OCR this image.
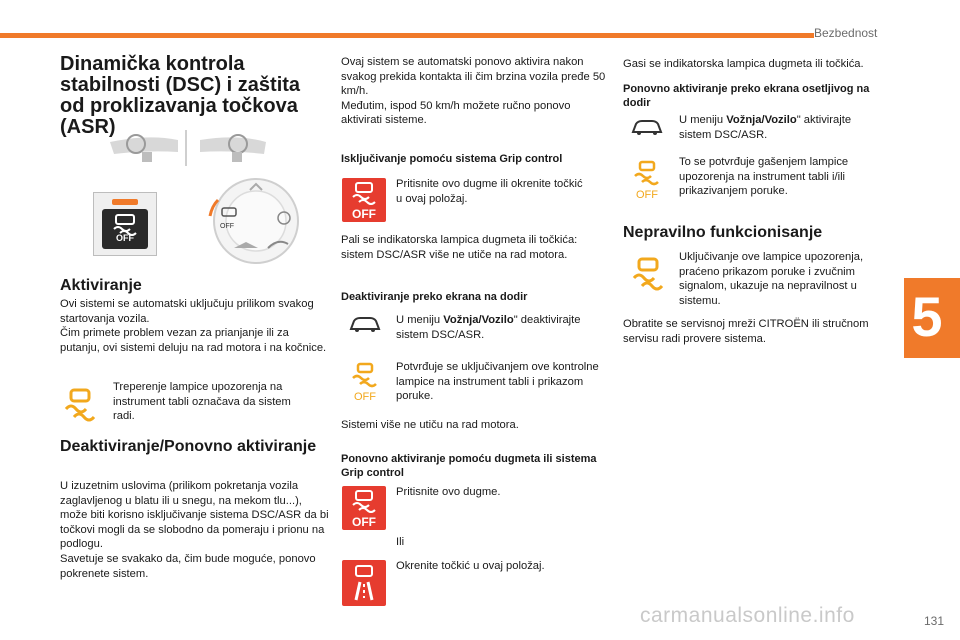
Bezbednost
5
Dinamička kontrola stabilnosti (DSC) i zaštita od proklizavanja točkova (ASR)
OFF
OFF
Aktiviranje
Ovi sistemi se automatski uključuju prilikom svakog startovanja vozila.
Čim primete problem vezan za prianjanje ili za putanju, ovi sistemi deluju na rad motora i na kočnice.
Treperenje lampice upozorenja na instrument tabli označava da sistem radi.
Deaktiviranje/Ponovno aktiviranje
U izuzetnim uslovima (prilikom pokretanja vozila zaglavljenog u blatu ili u snegu, na mekom tlu...), može biti korisno isključivanje sistema DSC/ASR da bi točkovi mogli da se slobodno da pomeraju i prionu na podlogu.
Savetuje se svakako da, čim bude moguće, ponovo pokrenete sistem.
Ovaj sistem se automatski ponovo aktivira nakon svakog prekida kontakta ili čim brzina vozila pređe 50 km/h.
Međutim, ispod 50 km/h možete ručno ponovo aktivirati sisteme.
Isključivanje pomoću sistema Grip control
OFF
Pritisnite ovo dugme ili okrenite točkić u ovaj položaj.
Pali se indikatorska lampica dugmeta ili točkića: sistem DSC/ASR više ne utiče na rad motora.
Deaktiviranje preko ekrana na dodir
U meniju Vožnja/Vozilo" deaktivirajte sistem DSC/ASR.
OFF
Potvrđuje se uključivanjem ove kontrolne lampice na instrument tabli i prikazom poruke.
Sistemi više ne utiču na rad motora.
Ponovno aktiviranje pomoću dugmeta ili sistema Grip control
OFF
Pritisnite ovo dugme.
Ili
Okrenite točkić u ovaj položaj.
Gasi se indikatorska lampica dugmeta ili točkića.
Ponovno aktiviranje preko ekrana osetljivog na dodir
U meniju Vožnja/Vozilo" aktivirajte sistem DSC/ASR.
OFF
To se potvrđuje gašenjem lampice upozorenja na instrument tabli i/ili prikazivanjem poruke.
Nepravilno funkcionisanje
Uključivanje ove lampice upozorenja, praćeno prikazom poruke i zvučnim signalom, ukazuje na nepravilnost u sistemu.
Obratite se servisnoj mreži CITROËN ili stručnom servisu radi provere sistema.
carmanualsonline.info	131
